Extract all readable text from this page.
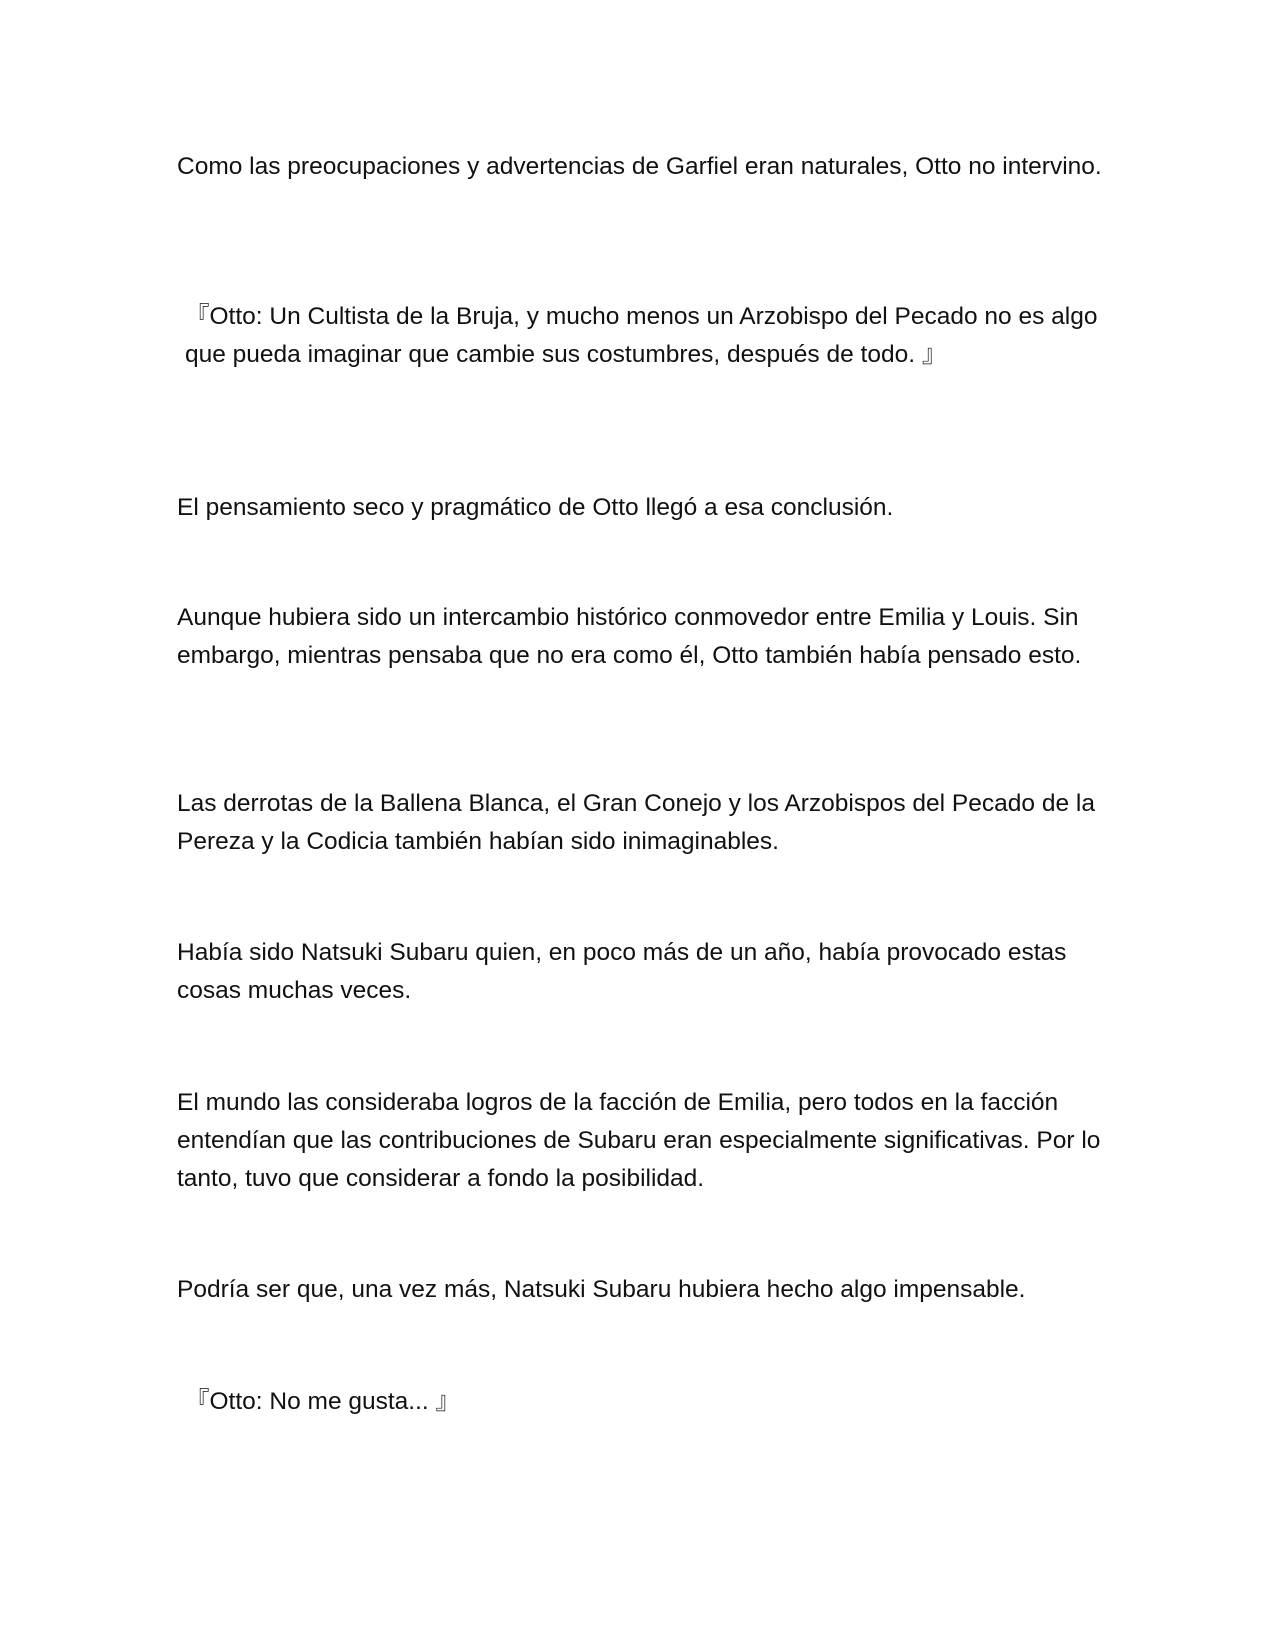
Como las preocupaciones y advertencias de Garfiel eran naturales, Otto no intervino.

『Otto: Un Cultista de la Bruja, y mucho menos un Arzobispo del Pecado no es algo que pueda imaginar que cambie sus costumbres, después de todo. 』

El pensamiento seco y pragmático de Otto llegó a esa conclusión.

Aunque hubiera sido un intercambio histórico conmovedor entre Emilia y Louis. Sin embargo, mientras pensaba que no era como él, Otto también había pensado esto.

Las derrotas de la Ballena Blanca, el Gran Conejo y los Arzobispos del Pecado de la Pereza y la Codicia también habían sido inimaginables.

Había sido Natsuki Subaru quien, en poco más de un año, había provocado estas cosas muchas veces.

El mundo las consideraba logros de la facción de Emilia, pero todos en la facción entendían que las contribuciones de Subaru eran especialmente significativas. Por lo tanto, tuvo que considerar a fondo la posibilidad.

Podría ser que, una vez más, Natsuki Subaru hubiera hecho algo impensable.

『Otto: No me gusta... 』
